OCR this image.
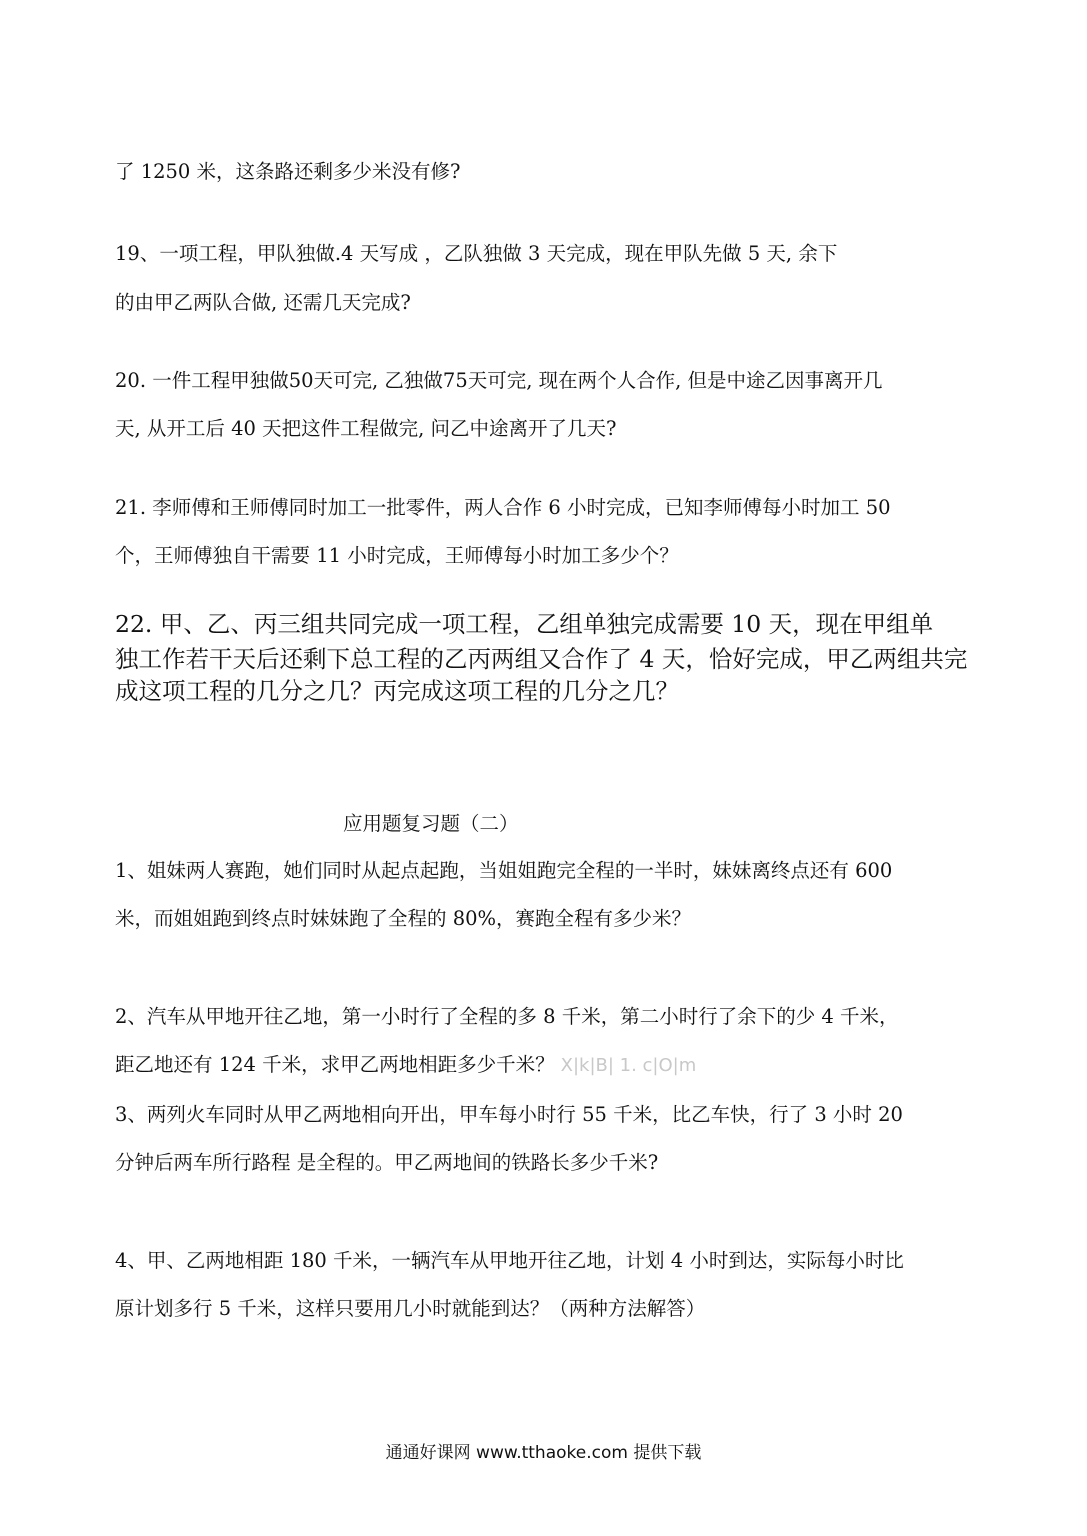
了 1250 米，这条路还剩多少米没有修?
19、一项工程，甲队独做.4 天写成 ，乙队独做 3 天完成，现在甲队先做 5 天, 余下
的由甲乙两队合做, 还需几天完成?
20. 一件工程甲独做50天可完, 乙独做75天可完, 现在两个人合作, 但是中途乙因事离开几
天, 从开工后 40 天把这件工程做完, 问乙中途离开了几天?
21. 李师傅和王师傅同时加工一批零件，两人合作 6 小时完成，已知李师傅每小时加工 50
个，王师傅独自干需要 11 小时完成，王师傅每小时加工多少个？
22. 甲、乙、丙三组共同完成一项工程，乙组单独完成需要 10 天，现在甲组单
独工作若干天后还剩下总工程的乙丙两组又合作了 4 天，恰好完成，甲乙两组共完
成这项工程的几分之几？丙完成这项工程的几分之几？
应用题复习题（二）
1、姐妹两人赛跑，她们同时从起点起跑，当姐姐跑完全程的一半时，妹妹离终点还有 600
米，而姐姐跑到终点时妹妹跑了全程的 80%，赛跑全程有多少米？
2、汽车从甲地开往乙地，第一小时行了全程的多 8 千米，第二小时行了余下的少 4 千米，
距乙地还有 124 千米，求甲乙两地相距多少千米？ X|k|B| 1. c|O|m
3、两列火车同时从甲乙两地相向开出，甲车每小时行 55 千米，比乙车快，行了 3 小时 20
分钟后两车所行路程 是全程的。甲乙两地间的铁路长多少千米?
4、甲、乙两地相距 180 千米，一辆汽车从甲地开往乙地，计划 4 小时到达，实际每小时比
原计划多行 5 千米，这样只要用几小时就能到达？（两种方法解答）
通通好课网 www.tthaoke.com 提供下载
